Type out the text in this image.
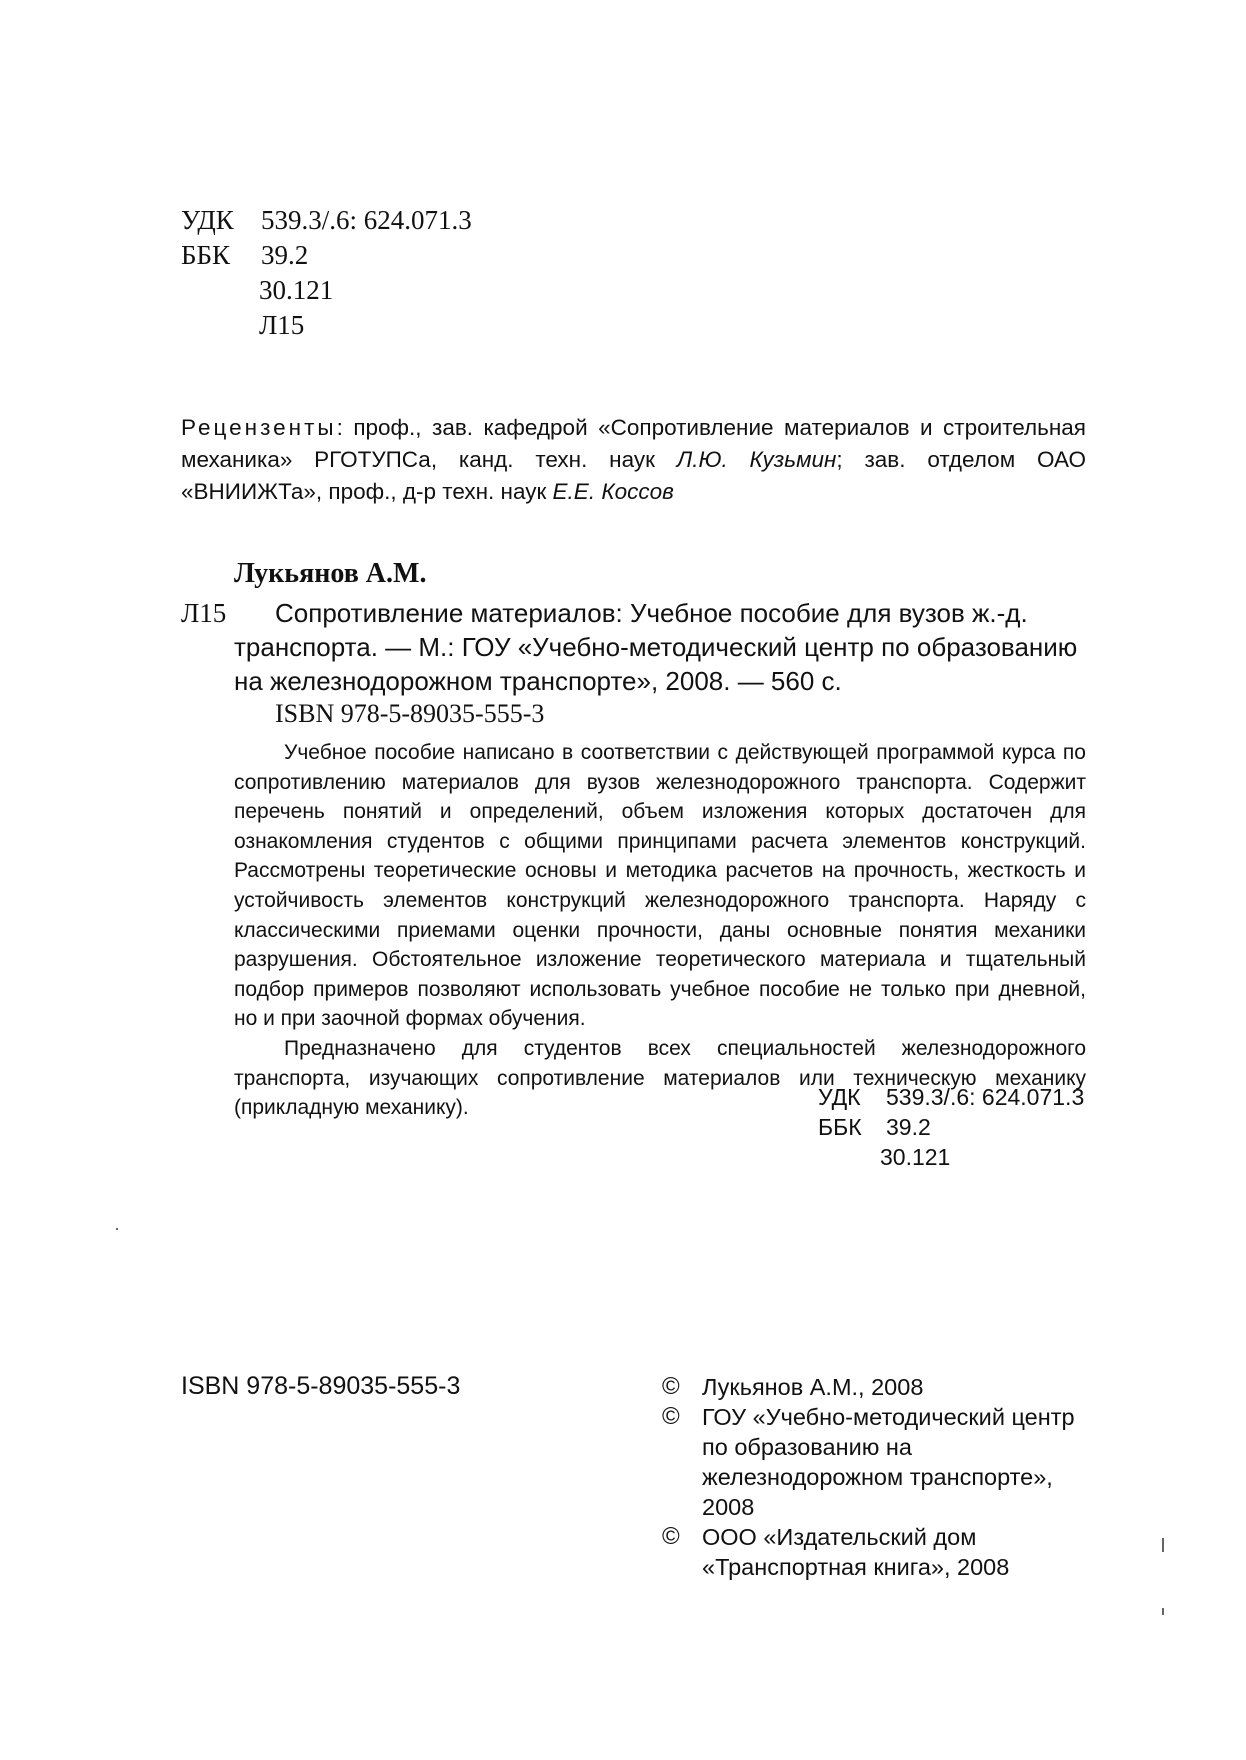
УДК	539.3/.6: 624.071.3
ББК	39.2
30.121
Л15
Рецензенты: проф., зав. кафедрой «Сопротивление материалов и строительная механика» РГОТУПСа, канд. техн. наук Л.Ю. Кузьмин; зав. отделом ОАО «ВНИИЖТа», проф., д-р техн. наук Е.Е. Коссов
Лукьянов А.М.
Л15 Сопротивление материалов: Учебное пособие для вузов ж.-д.
транспорта. — М.: ГОУ «Учебно-методический центр по образованию на железнодорожном транспорте», 2008. — 560 с.
ISBN 978-5-89035-555-3

Учебное пособие написано в соответствии с действующей программой курса по сопротивлению материалов для вузов железнодорожного транспорта. Содержит перечень понятий и определений, объем изложения которых достаточен для ознакомления студентов с общими принципами расчета элементов конструкций. Рассмотрены теоретические основы и методика расчетов на прочность, жесткость и устойчивость элементов конструкций железнодорожного транспорта. Наряду с классическими приемами оценки прочности, даны основные понятия механики разрушения. Обстоятельное изложение теоретического материала и тщательный подбор примеров позволяют использовать учебное пособие не только при дневной, но и при заочной формах обучения.

Предназначено для студентов всех специальностей железнодорожного транспорта, изучающих сопротивление материалов или техническую механику (прикладную механику).	УДК	539.3/.6: 624.071.3
ББК	39.2
30.121
ISBN 978-5-89035-555-3	© Лукьянов А.М., 2008
© ГОУ «Учебно-методический центр по образованию на железнодорожном транспорте», 2008
© ООО «Издательский дом «Транспортная книга», 2008
